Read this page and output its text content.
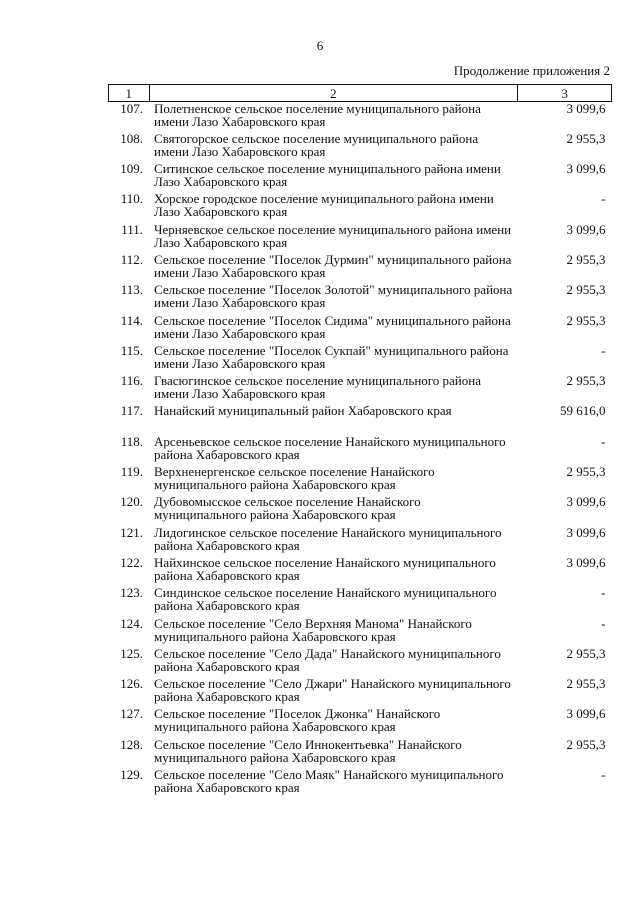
6
Продолжение приложения 2
1	2	3
107.	Полетненское сельское поселение муниципального района имени Лазо Хабаровского края	3 099,6
108.	Святогорское сельское поселение муниципального района имени Лазо Хабаровского края	2 955,3
109.	Ситинское сельское поселение муниципального района имени Лазо Хабаровского края	3 099,6
110.	Хорское городское поселение муниципального района имени Лазо Хабаровского края	-
111.	Черняевское сельское поселение муниципального района имени Лазо Хабаровского края	3 099,6
112.	Сельское поселение "Поселок Дурмин" муниципального района имени Лазо Хабаровского края	2 955,3
113.	Сельское поселение "Поселок Золотой" муниципального района имени Лазо Хабаровского края	2 955,3
114.	Сельское поселение "Поселок Сидима" муниципального района имени Лазо Хабаровского края	2 955,3
115.	Сельское поселение "Поселок Сукпай" муниципального района имени Лазо Хабаровского края	-
116.	Гвасюгинское сельское поселение муниципального района имени Лазо Хабаровского края	2 955,3
117.	Нанайский муниципальный район Хабаровского края	59 616,0
118.	Арсеньевское сельское поселение Нанайского муниципального района Хабаровского края	-
119.	Верхненергенское сельское поселение Нанайского муниципального района Хабаровского края	2 955,3
120.	Дубовомысское сельское поселение Нанайского муниципального района Хабаровского края	3 099,6
121.	Лидогинское сельское поселение Нанайского муниципального района Хабаровского края	3 099,6
122.	Найхинское сельское поселение Нанайского муниципального района Хабаровского края	3 099,6
123.	Синдинское сельское поселение Нанайского муниципального района Хабаровского края	-
124.	Сельское поселение "Село Верхняя Манома" Нанайского муниципального района Хабаровского края	-
125.	Сельское поселение "Село Дада" Нанайского муниципального района Хабаровского края	2 955,3
126.	Сельское поселение "Село Джари" Нанайского муниципального района Хабаровского края	2 955,3
127.	Сельское поселение "Поселок Джонка" Нанайского муниципального района Хабаровского края	3 099,6
128.	Сельское поселение "Село Иннокентьевка" Нанайского муниципального района Хабаровского края	2 955,3
129.	Сельское поселение "Село Маяк" Нанайского муниципального района Хабаровского края	-
